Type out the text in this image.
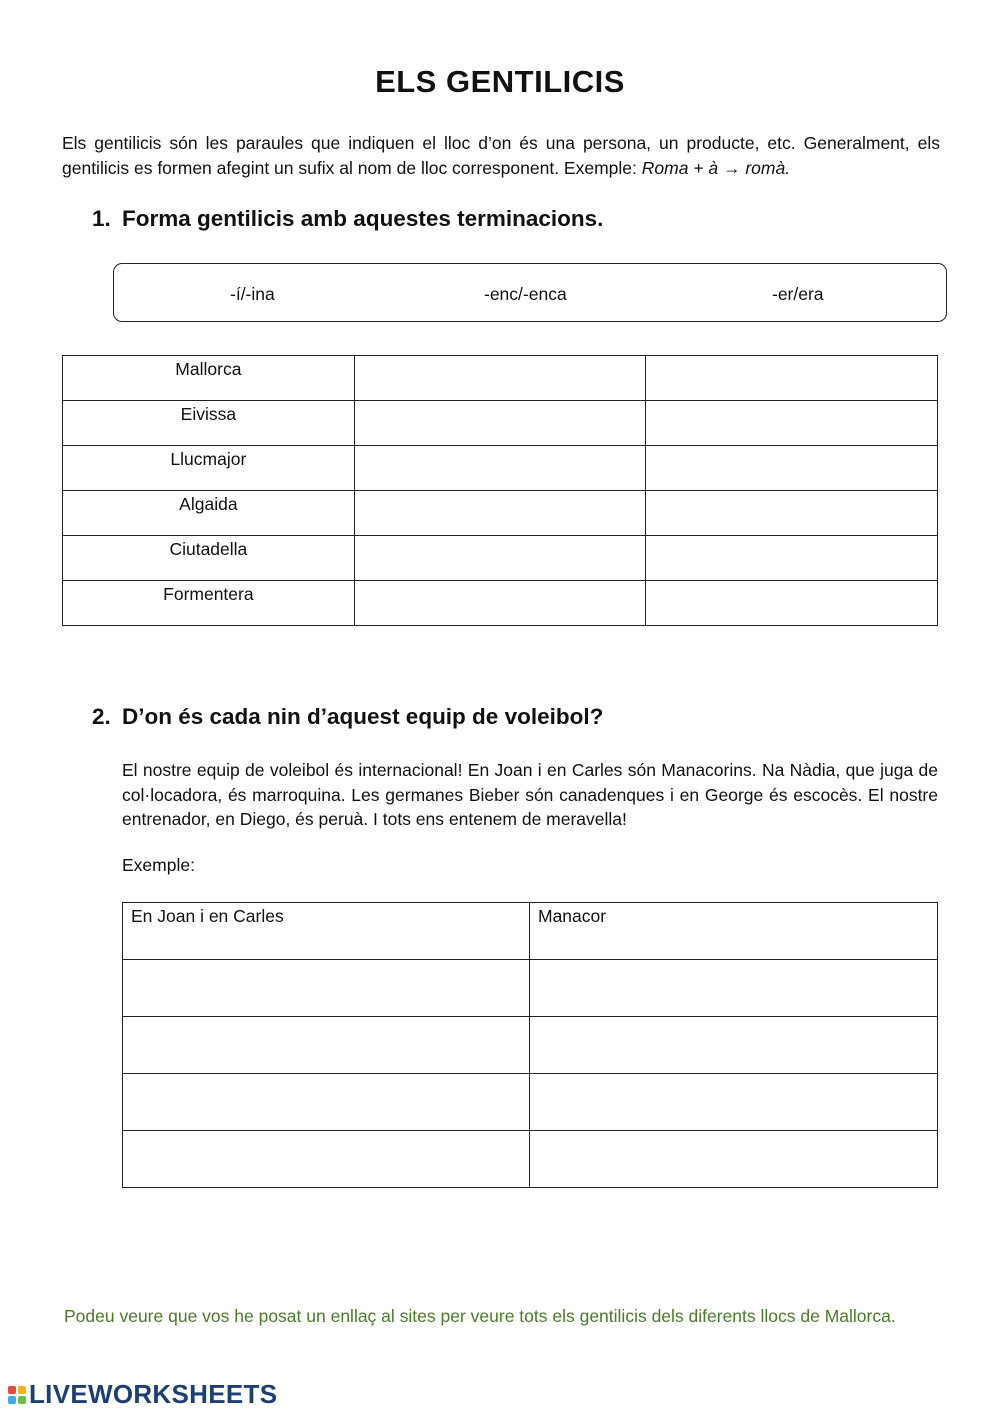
ELS GENTILICIS
Els gentilicis són les paraules que indiquen el lloc d’on és una persona, un producte, etc. Generalment, els gentilicis es formen afegint un sufix al nom de lloc corresponent. Exemple: Roma + à → romà.
1. Forma gentilicis amb aquestes terminacions.
-í/-ina	-enc/-enca	-er/era
Mallorca		
Eivissa		
Llucmajor		
Algaida		
Ciutadella		
Formentera		
2. D’on és cada nin d’aquest equip de voleibol?
El nostre equip de voleibol és internacional! En Joan i en Carles són Manacorins. Na Nàdia, que juga de col·locadora, és marroquina. Les germanes Bieber són canadenques i en George és escocès. El nostre entrenador, en Diego, és peruà. I tots ens entenem de meravella!
Exemple:
En Joan i en Carles	Manacor

Podeu veure que vos he posat un enllaç al sites per veure tots els gentilicis dels diferents llocs de Mallorca.
LIVEWORKSHEETS
